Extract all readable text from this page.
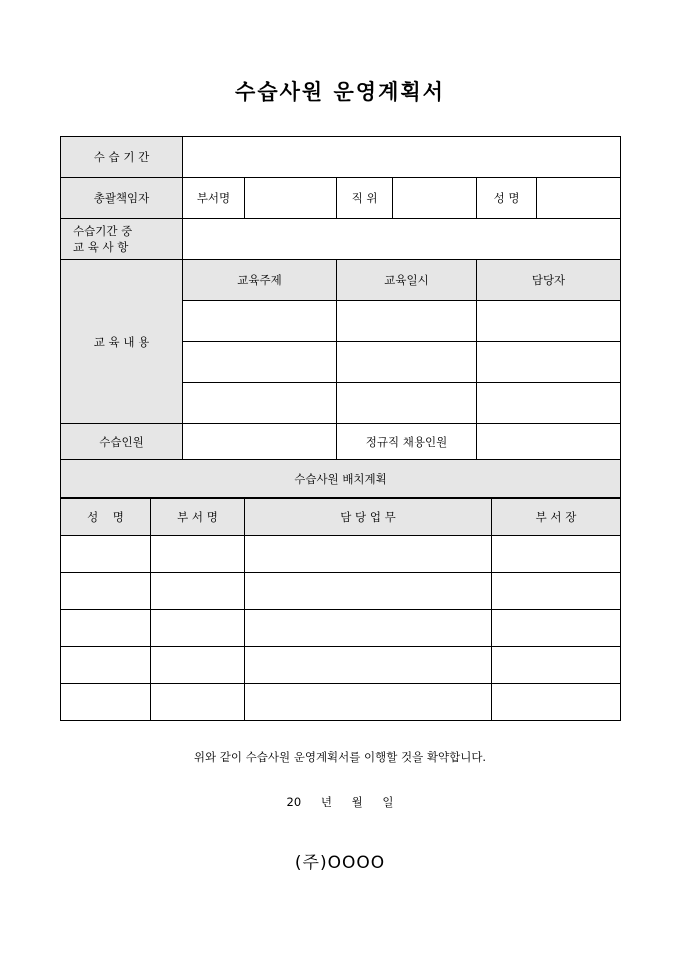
수습사원 운영계획서
수 습 기 간						
총괄책임자	부서명		직 위		성 명	

수습기간 중
교 육 사 항						

교 육 내 용	교육주제		교육일시		담당자	

수습인원			정규직 채용인원			
수습사원 배치계획						
성    명	부 서 명	담 당 업 무	부 서 장

위와 같이 수습사원 운영계획서를 이행할 것을 확약합니다.
20 년 월 일
(주)OOOO
